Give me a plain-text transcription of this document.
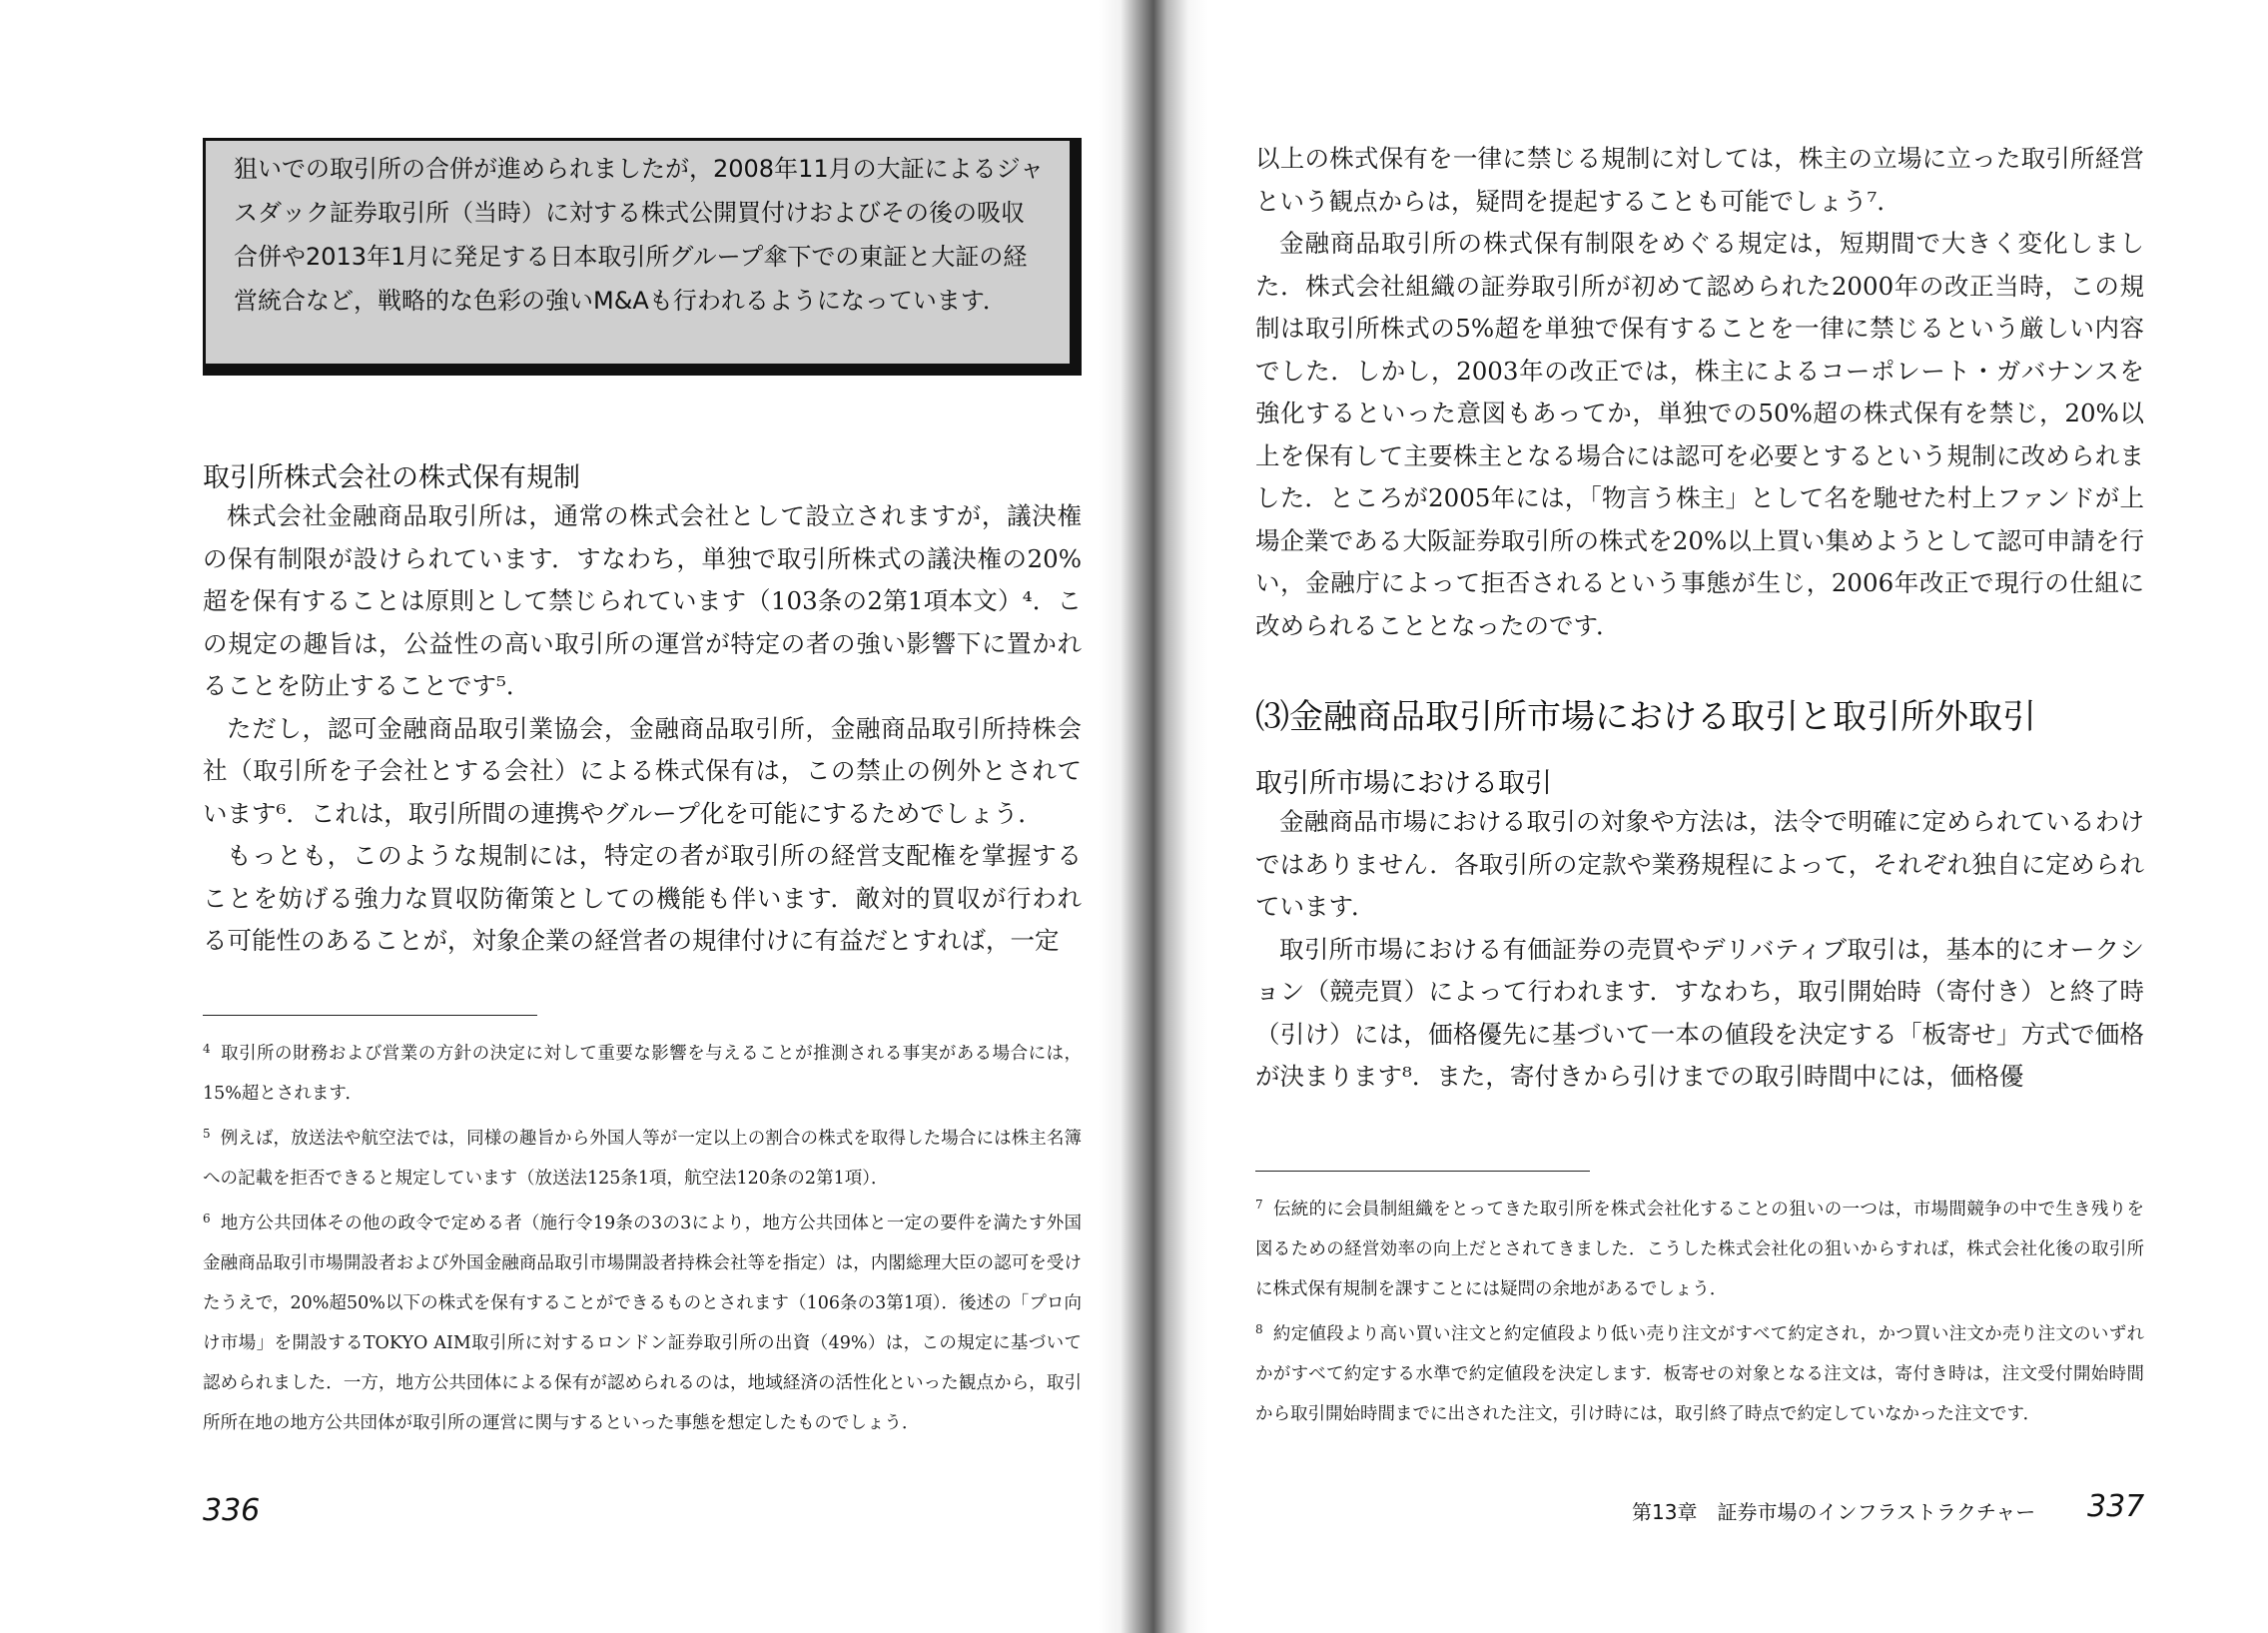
狙いでの取引所の合併が進められましたが，2008年11月の大証によるジャスダック証券取引所（当時）に対する株式公開買付けおよびその後の吸収合併や2013年1月に発足する日本取引所グループ傘下での東証と大証の経営統合など，戦略的な色彩の強いM&Aも行われるようになっています．
取引所株式会社の株式保有規制

株式会社金融商品取引所は，通常の株式会社として設立されますが，議決権の保有制限が設けられています．すなわち，単独で取引所株式の議決権の20%超を保有することは原則として禁じられています（103条の2第1項本文）⁴．この規定の趣旨は，公益性の高い取引所の運営が特定の者の強い影響下に置かれることを防止することです⁵．

ただし，認可金融商品取引業協会，金融商品取引所，金融商品取引所持株会社（取引所を子会社とする会社）による株式保有は，この禁止の例外とされています⁶．これは，取引所間の連携やグループ化を可能にするためでしょう．

もっとも，このような規制には，特定の者が取引所の経営支配権を掌握することを妨げる強力な買収防衛策としての機能も伴います．敵対的買収が行われる可能性のあることが，対象企業の経営者の規律付けに有益だとすれば，一定

$^4$ 取引所の財務および営業の方針の決定に対して重要な影響を与えることが推測される事実がある場合には，15%超とされます．

$^5$ 例えば，放送法や航空法では，同様の趣旨から外国人等が一定以上の割合の株式を取得した場合には株主名簿への記載を拒否できると規定しています（放送法125条1項，航空法120条の2第1項）．

$^6$ 地方公共団体その他の政令で定める者（施行令19条の3の3により，地方公共団体と一定の要件を満たす外国金融商品取引市場開設者および外国金融商品取引市場開設者持株会社等を指定）は，内閣総理大臣の認可を受けたうえで，20%超50%以下の株式を保有することができるものとされます（106条の3第1項）．後述の「プロ向け市場」を開設するTOKYO AIM取引所に対するロンドン証券取引所の出資（49%）は，この規定に基づいて認められました．一方，地方公共団体による保有が認められるのは，地域経済の活性化といった観点から，取引所所在地の地方公共団体が取引所の運営に関与するといった事態を想定したものでしょう．

336

以上の株式保有を一律に禁じる規制に対しては，株主の立場に立った取引所経営という観点からは，疑問を提起することも可能でしょう⁷．

金融商品取引所の株式保有制限をめぐる規定は，短期間で大きく変化しました．株式会社組織の証券取引所が初めて認められた2000年の改正当時，この規制は取引所株式の5%超を単独で保有することを一律に禁じるという厳しい内容でした．しかし，2003年の改正では，株主によるコーポレート・ガバナンスを強化するといった意図もあってか，単独での50%超の株式保有を禁じ，20%以上を保有して主要株主となる場合には認可を必要とするという規制に改められました．ところが2005年には，「物言う株主」として名を馳せた村上ファンドが上場企業である大阪証券取引所の株式を20%以上買い集めようとして認可申請を行い，金融庁によって拒否されるという事態が生じ，2006年改正で現行の仕組に改められることとなったのです．

⑶金融商品取引所市場における取引と取引所外取引
取引所市場における取引

金融商品市場における取引の対象や方法は，法令で明確に定められているわけではありません．各取引所の定款や業務規程によって，それぞれ独自に定められています．

取引所市場における有価証券の売買やデリバティブ取引は，基本的にオークション（競売買）によって行われます．すなわち，取引開始時（寄付き）と終了時（引け）には，価格優先に基づいて一本の値段を決定する「板寄せ」方式で価格が決まります⁸．また，寄付きから引けまでの取引時間中には，価格優

$^7$ 伝統的に会員制組織をとってきた取引所を株式会社化することの狙いの一つは，市場間競争の中で生き残りを図るための経営効率の向上だとされてきました．こうした株式会社化の狙いからすれば，株式会社化後の取引所に株式保有規制を課すことには疑問の余地があるでしょう．

$^8$ 約定値段より高い買い注文と約定値段より低い売り注文がすべて約定され，かつ買い注文か売り注文のいずれかがすべて約定する水準で約定値段を決定します．板寄せの対象となる注文は，寄付き時は，注文受付開始時間から取引開始時間までに出された注文，引け時には，取引終了時点で約定していなかった注文です．

第13章　証券市場のインフラストラクチャー 337
